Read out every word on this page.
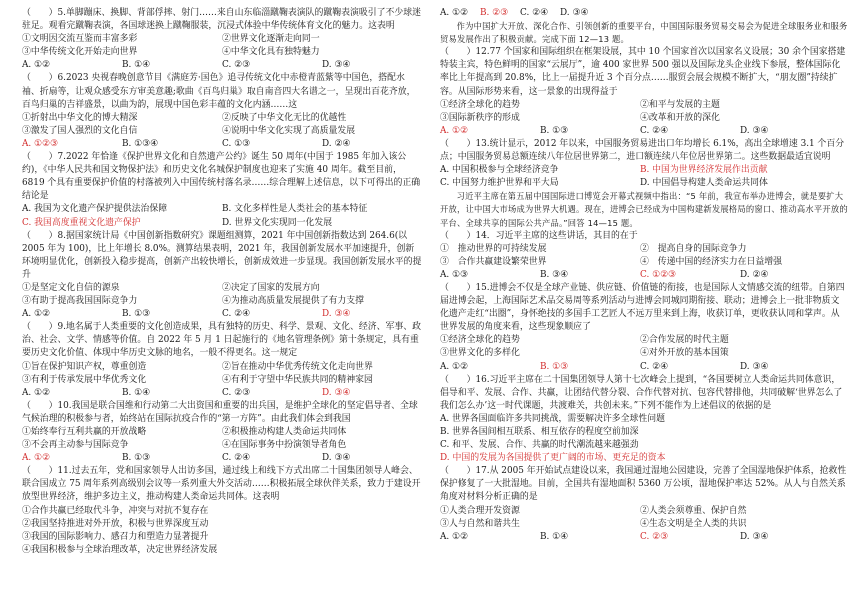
（　　）5.单脚蹦床、换脚、背部俘摔、射门……来自山东临淄蹴鞠表演队的蹴鞠表演吸引了不少球迷驻足。观看完蹴鞠表演，各国球迷换上蹴鞠服装，沉浸式体验中华传统体育文化的魅力。这表明

①文明因交流互鉴而丰富多彩	②世界文化逐渐走向同一
③中华传统文化开始走向世界	④中华文化具有独特魅力
A. ①②	B. ①④	C. ②③	D. ③④

（　　）6.2023 央视春晚创意节目《满庭芳·国色》追寻传统文化中赤橙青蓝紫等中国色，搭配水袖、折扇等，让观众感受东方审美意趣;歌曲《百鸟归巢》取自南音四大名谱之一，呈现出百花齐放，百鸟归巢的吉祥盛景，以曲为韵，展现中国色彩丰蕴的文化内涵……这

①折射出中华文化的博大精深	②反映了中华文化无比的优越性
③激发了国人强烈的文化自信	④说明中华文化实现了高质量发展
A. ①②③	B. ①③④	C. ①③	D. ②④

（　　）7.2022 年恰逢《保护世界文化和自然遗产公约》诞生 50 周年(中国于 1985 年加入该公约)，《中华人民共和国文物保护法》和历史文化名城保护制度也迎来了实施 40 周年。截至目前，6819 个具有重要保护价值的村落被列入中国传统村落名录……综合理解上述信息，以下可得出的正确结论是

A. 我国为文化遗产保护提供法治保障	B. 文化多样性是人类社会的基本特征
C. 我国高度重视文化遗产保护	D. 世界文化实现同一化发展

（　　）8.据国家统计局《中国创新指数研究》课题组测算，2021 年中国创新指数达到 264.6(以 2005 年为 100)，比上年增长 8.0%。测算结果表明，2021 年，我国创新发展水平加速提升，创新环境明显优化，创新投入稳步提高，创新产出较快增长，创新成效进一步显现。我国创新发展水平的提升

①是坚定文化自信的源泉	②决定了国家的发展方向
③有助于提高我国国际竞争力	④为推动高质量发展提供了有力支撑
A. ①②	B. ①③	C. ②④	D. ③④

（　　）9.地名属于人类重要的文化创造成果，具有独特的历史、科学、景观、文化、经济、军事、政治、社会、文学、情感等价值。自 2022 年 5 月 1 日起施行的《地名管理条例》第十条规定，具有重要历史文化价值、体现中华历史文脉的地名，一般不得更名。这一规定

①旨在保护知识产权，尊重创造	②旨在推动中华优秀传统文化走向世界
③有利于传承发展中华优秀文化	④有利于守望中华民族共同的精神家园
A. ①②	B. ①④	C. ②③	D. ③④

（　　）10.我国是联合国维和行动第二大出资国和重要的出兵国，是维护全球化的坚定倡导者、全球气候治理的积极参与者，始终站在国际抗疫合作的“第一方阵”。由此我们体会到我国

①始终奉行互利共赢的开放战略	②积极推动构建人类命运共同体
③不会再主动参与国际竞争	④在国际事务中扮演领导者角色
A. ①②	B. ①③	C. ②④	D. ③④

（　　）11.过去五年，党和国家领导人出访多国，通过线上和线下方式出席二十国集团领导人峰会、联合国成立 75 周年系列高级别会议等一系列重大外交活动……积极拓展全球伙伴关系，致力于建设开放型世界经济，维护多边主义，推动构建人类命运共同体。这表明

①合作共赢已经取代斗争，冲突与对抗不复存在
②我国坚持推进对外开放，积极与世界深度互动
③我国的国际影响力、感召力和塑造力显著提升
④我国积极参与全球治理改革，决定世界经济发展
A. ①②	B. ②③	C. ②④	D. ③④

作为中国扩大开放、深化合作、引领创新的重要平台，中国国际服务贸易交易会为促进全球服务业和服务贸易发展作出了积极贡献。完成下面 12—13 题。

（　　）12.77 个国家和国际组织在框架设展，其中 10 个国家首次以国家名义设展；30 余个国家搭建特装主宾，特色鲜明的国家“云展厅”，逾 400 家世界 500 强以及国际龙头企业线下参展，整体国际化率比上年提高到 20.8%，比上一届提升近 3 个百分点……服贸会展会规模不断扩大，“朋友圈”持续扩容。从国际形势来看，这一景象的出现得益于

①经济全球化的趋势	②和平与发展的主题
③国际新秩序的形成	④改革和开放的深化
A. ①②	B. ①③	C. ②④	D. ③④

（　　）13.统计显示，2012 年以来，中国服务贸易进出口年均增长 6.1%，高出全球增速 3.1 个百分点；中国服务贸易总额连续八年位居世界第二，进口额连续八年位居世界第二。这些数据最适宜说明

A. 中国积极参与全球经济竞争	B. 中国为世界经济发展作出贡献
C. 中国努力维护世界和平大局	D. 中国倡导构建人类命运共同体

习近平主席在第五届中国国际进口博览会开幕式视频中指出：“5 年前，我宣布举办进博会，就是要扩大开放，让中国大市场成为世界大机遇。现在，进博会已经成为中国构建新发展格局的窗口、推动高水平开放的平台、全球共享的国际公共产品。”回答 14—15 题。

（　　）14．习近平主席的这些讲话，其目的在于

①　推动世界的可持续发展	②　提高自身的国际竞争力
③　合作共赢建设繁荣世界	④　传递中国的经济实力在日益增强
A. ①③	B. ③④	C. ①②③	D. ②④

（　　）15.进博会不仅是全球产业链、供应链、价值链的衔接，也是国际人文情感交流的纽带。自第四届进博会起，上海国际艺术品交易周等系列活动与进博会同城同期衔接、联动；进博会上一批非物质文化遗产走红“出圈”，身怀绝技的多国手工艺匠人不远万里来到上海，收获订单，更收获认同和掌声。从世界发展的角度来看，这些现象顺应了

①经济全球化的趋势	②合作发展的时代主题
③世界文化的多样化	④对外开放的基本国策
A. ①②	B. ①③	C. ②④	D. ③④

（　　）16.习近平主席在二十国集团领导人第十七次峰会上提到，“各国要树立人类命运共同体意识，倡导和平、发展、合作、共赢，让团结代替分裂、合作代替对抗、包容代替排他，共同破解‘世界怎么了 我们怎么办’这一时代课题，共渡难关，共创未来。”下列不能作为上述倡议的依据的是

A. 世界各国面临许多共同挑战，需要解决许多全球性问题
B. 世界各国间相互联系、相互依存的程度空前加深
C. 和平、发展、合作、共赢的时代潮流越来越强劲
D. 中国的发展为各国提供了更广阔的市场、更充足的资本

（　　）17.从 2005 年开始试点建设以来，我国通过湿地公园建设，完善了全国湿地保护体系，抢救性保护修复了一大批湿地。目前，全国共有湿地面积 5360 万公顷，湿地保护率达 52%。从人与自然关系角度对材料分析正确的是

①人类合理开发资源	②人类会须尊重、保护自然
③人与自然和谐共生	④生态文明是全人类的共识
A. ①②	B. ①④	C. ②③	D. ③④
